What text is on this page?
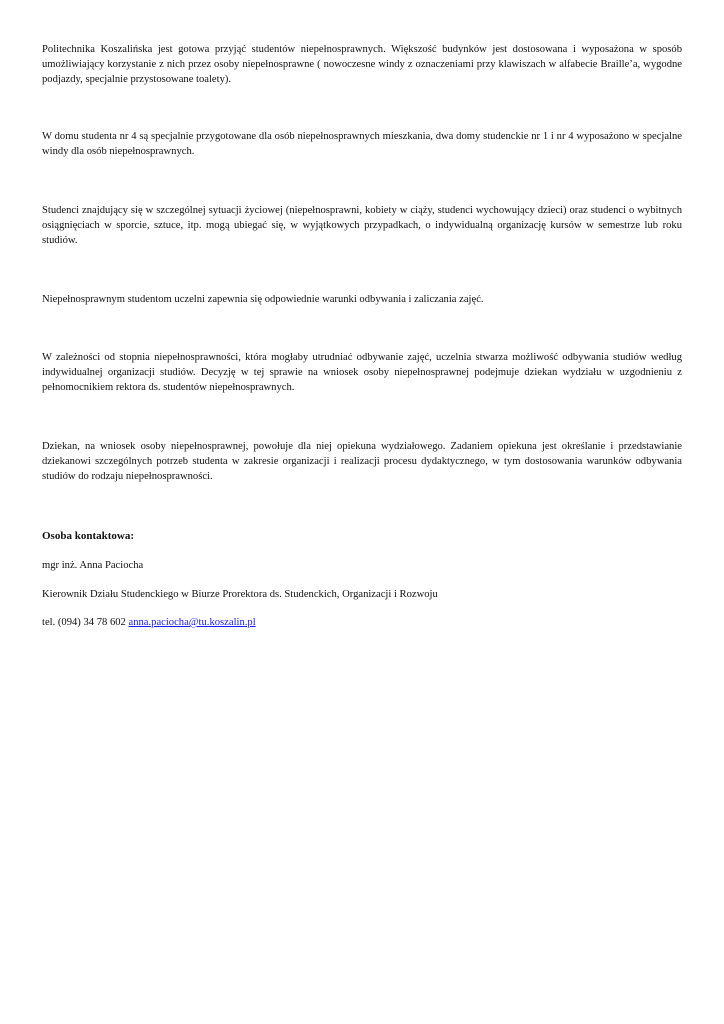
Politechnika Koszalińska jest gotowa przyjąć studentów niepełnosprawnych. Większość budynków jest dostosowana i wyposażona w sposób umożliwiający korzystanie z nich przez osoby niepełnosprawne ( nowoczesne windy z oznaczeniami przy klawiszach w alfabecie Braille’a, wygodne podjazdy, specjalnie przystosowane toalety).

W domu studenta nr 4 są specjalnie przygotowane dla osób niepełnosprawnych mieszkania, dwa domy studenckie nr 1 i nr 4 wyposażono w specjalne windy dla osób niepełnosprawnych.

Studenci znajdujący się w szczególnej sytuacji życiowej (niepełnosprawni, kobiety w ciąży, studenci wychowujący dzieci) oraz studenci o wybitnych osiągnięciach w sporcie, sztuce, itp. mogą ubiegać się, w wyjątkowych przypadkach, o indywidualną organizację kursów w semestrze lub roku studiów.

Niepełnosprawnym studentom uczelni zapewnia się odpowiednie warunki odbywania i zaliczania zajęć.

W zależności od stopnia niepełnosprawności, która mogłaby utrudniać odbywanie zajęć, uczelnia stwarza możliwość odbywania studiów według indywidualnej organizacji studiów. Decyzję w tej sprawie na wniosek osoby niepełnosprawnej podejmuje dziekan wydziału w uzgodnieniu z pełnomocnikiem rektora ds. studentów niepełnosprawnych.

Dziekan, na wniosek osoby niepełnosprawnej, powołuje dla niej opiekuna wydziałowego. Zadaniem opiekuna jest określanie i przedstawianie dziekanowi szczególnych potrzeb studenta w zakresie organizacji i realizacji procesu dydaktycznego, w tym dostosowania warunków odbywania studiów do rodzaju niepełnosprawności.

Osoba kontaktowa:

mgr inż. Anna Paciocha

Kierownik Działu Studenckiego w Biurze Prorektora ds. Studenckich, Organizacji i Rozwoju

tel. (094) 34 78 602 anna.paciocha@tu.koszalin.pl
